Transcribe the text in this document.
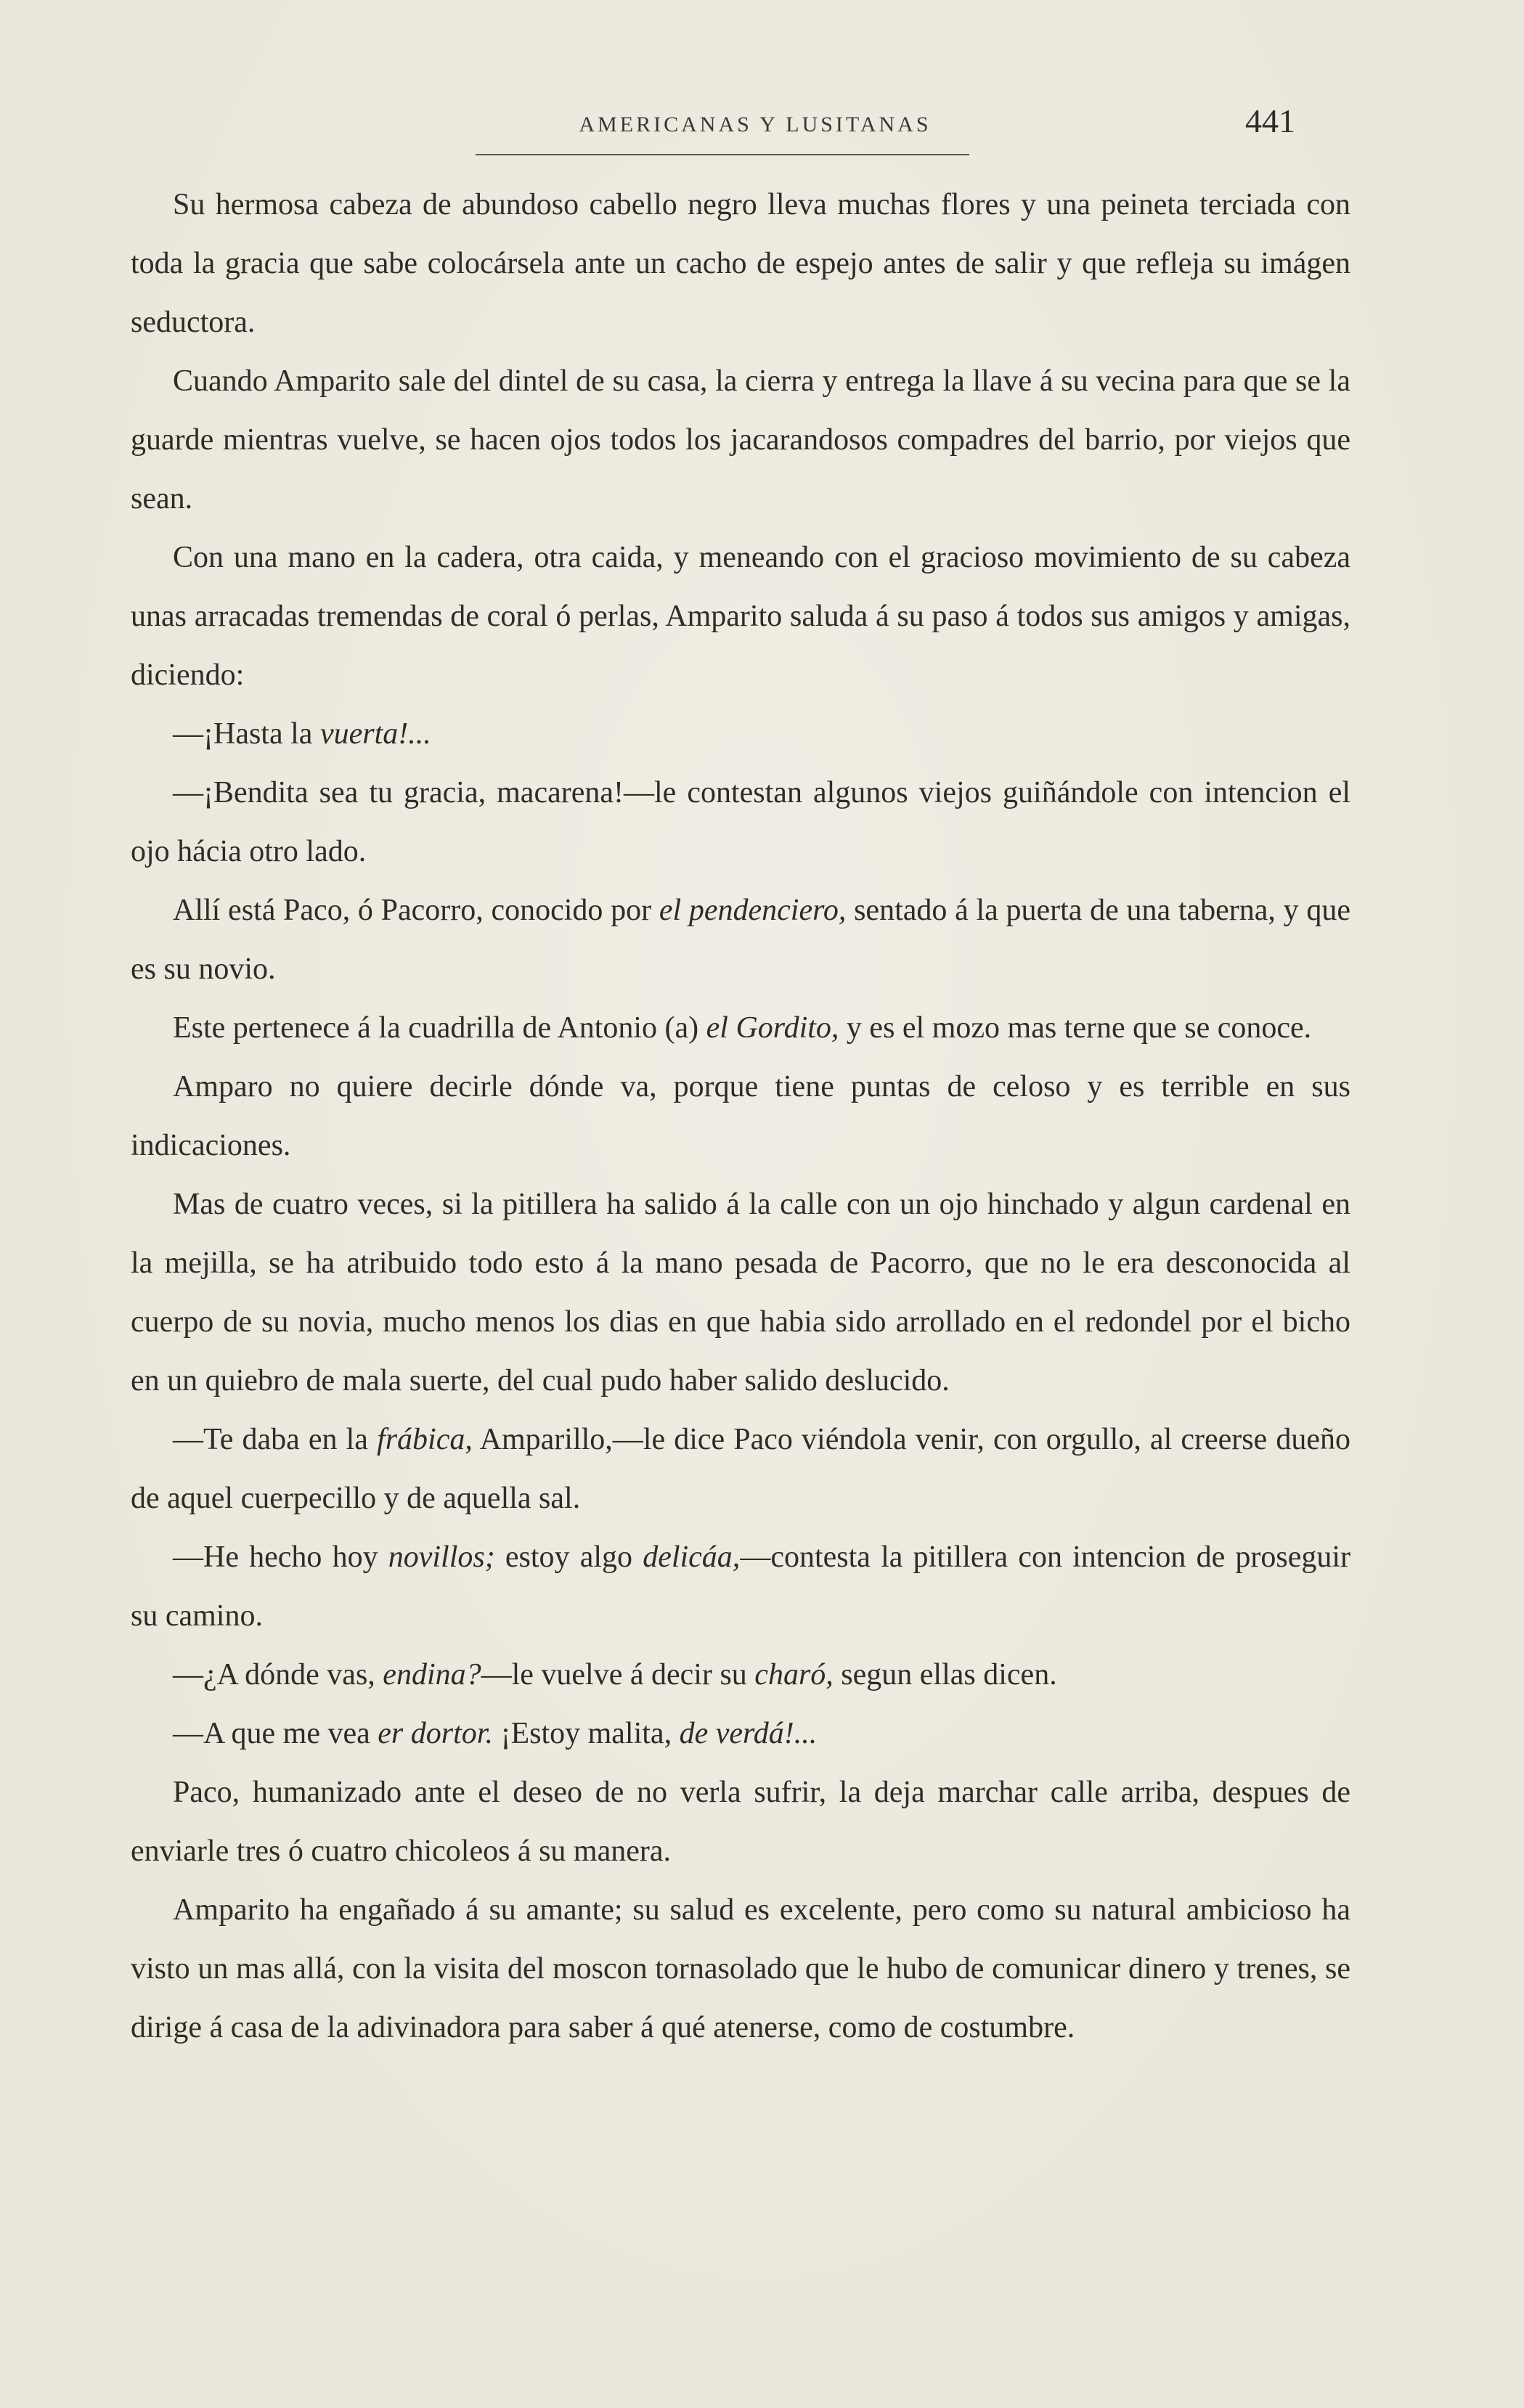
AMERICANAS Y LUSITANAS	441

Su hermosa cabeza de abundoso cabello negro lleva muchas flores y una peineta terciada con toda la gracia que sabe colocársela ante un cacho de espejo antes de salir y que refleja su imágen seductora.

Cuando Amparito sale del dintel de su casa, la cierra y entrega la llave á su vecina para que se la guarde mientras vuelve, se hacen ojos todos los jacarandosos compadres del barrio, por viejos que sean.

Con una mano en la cadera, otra caida, y meneando con el gracioso movimiento de su cabeza unas arracadas tremendas de coral ó perlas, Amparito saluda á su paso á todos sus amigos y amigas, diciendo:

—¡Hasta la vuerta!...

—¡Bendita sea tu gracia, macarena!—le contestan algunos viejos guiñándole con intencion el ojo hácia otro lado.

Allí está Paco, ó Pacorro, conocido por el pendenciero, sentado á la puerta de una taberna, y que es su novio.

Este pertenece á la cuadrilla de Antonio (a) el Gordito, y es el mozo mas terne que se conoce.

Amparo no quiere decirle dónde va, porque tiene puntas de celoso y es terrible en sus indicaciones.

Mas de cuatro veces, si la pitillera ha salido á la calle con un ojo hinchado y algun cardenal en la mejilla, se ha atribuido todo esto á la mano pesada de Pacorro, que no le era desconocida al cuerpo de su novia, mucho menos los dias en que habia sido arrollado en el redondel por el bicho en un quiebro de mala suerte, del cual pudo haber salido deslucido.

—Te daba en la frábica, Amparillo,—le dice Paco viéndola venir, con orgullo, al creerse dueño de aquel cuerpecillo y de aquella sal.

—He hecho hoy novillos; estoy algo delicáa,—contesta la pitillera con intencion de proseguir su camino.

—¿A dónde vas, endina?—le vuelve á decir su charó, segun ellas dicen.

—A que me vea er dortor. ¡Estoy malita, de verdá!...

Paco, humanizado ante el deseo de no verla sufrir, la deja marchar calle arriba, despues de enviarle tres ó cuatro chicoleos á su manera.

Amparito ha engañado á su amante; su salud es excelente, pero como su natural ambicioso ha visto un mas allá, con la visita del moscon tornasolado que le hubo de comunicar dinero y trenes, se dirige á casa de la adivinadora para saber á qué atenerse, como de costumbre.
